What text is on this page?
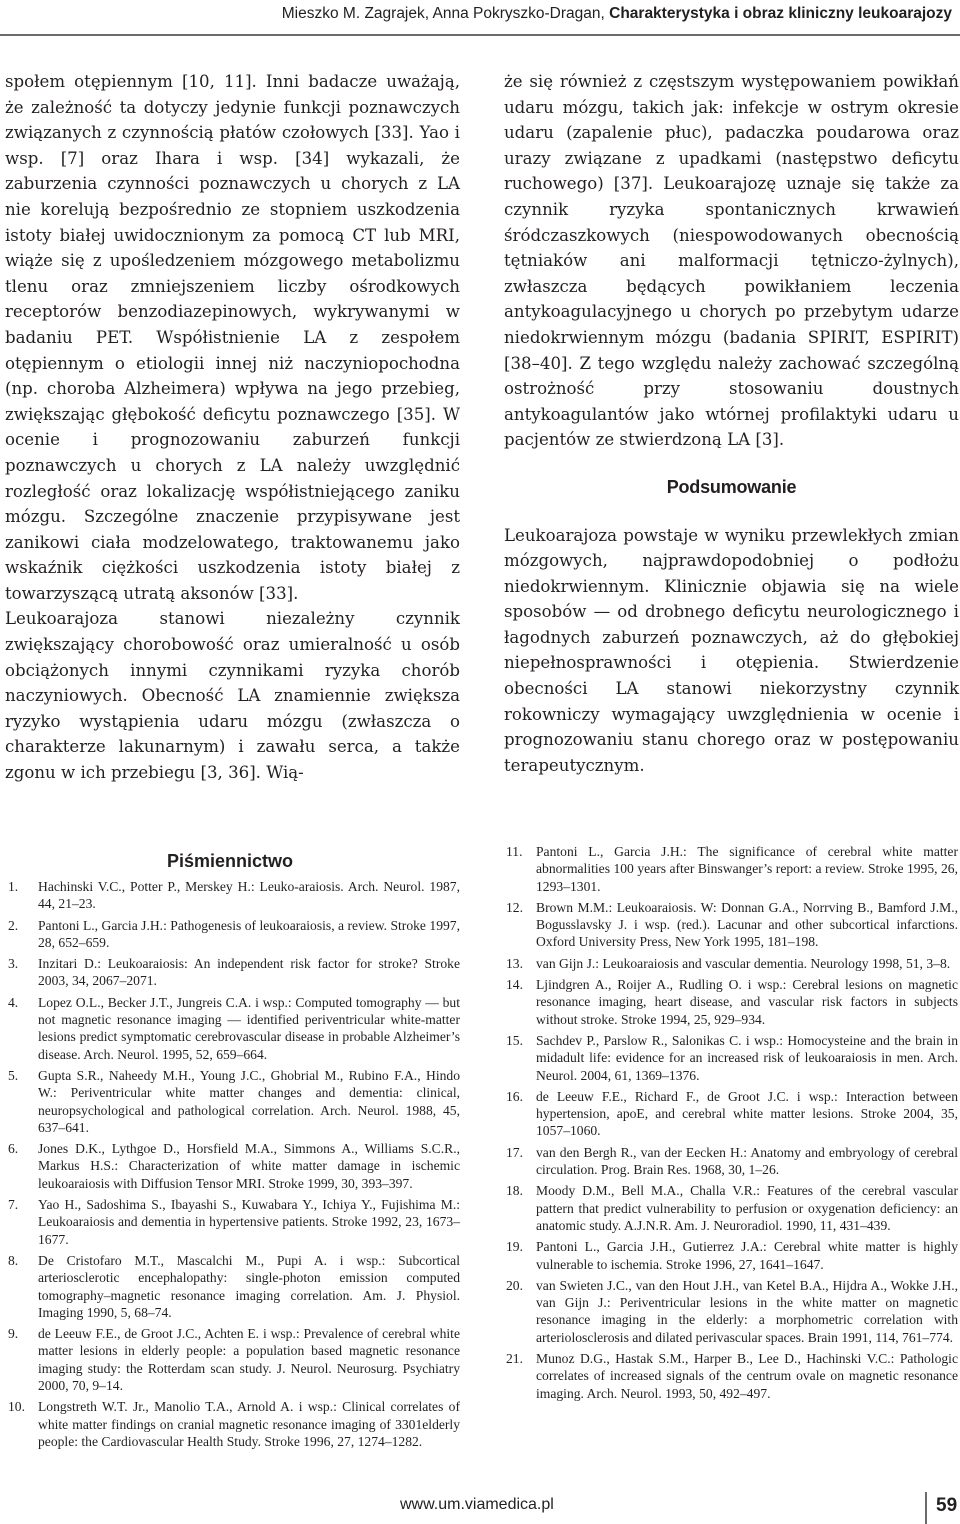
Mieszko M. Zagrajek, Anna Pokryszko-Dragan, Charakterystyka i obraz kliniczny leukoarajozy

społem otępiennym [10, 11]. Inni badacze uważają, że zależność ta dotyczy jedynie funkcji poznawczych związanych z czynnością płatów czołowych [33]. Yao i wsp. [7] oraz Ihara i wsp. [34] wykazali, że zaburzenia czynności poznawczych u chorych z LA nie korelują bezpośrednio ze stopniem uszkodzenia istoty białej uwidocznionym za pomocą CT lub MRI, wiąże się z upośledzeniem mózgowego metabolizmu tlenu oraz zmniejszeniem liczby ośrodkowych receptorów benzodiazepinowych, wykrywanymi w badaniu PET. Współistnienie LA z zespołem otępiennym o etiologii innej niż naczyniopochodna (np. choroba Alzheimera) wpływa na jego przebieg, zwiększając głębokość deficytu poznawczego [35]. W ocenie i prognozowaniu zaburzeń funkcji poznawczych u chorych z LA należy uwzględnić rozległość oraz lokalizację współistniejącego zaniku mózgu. Szczególne znaczenie przypisywane jest zanikowi ciała modzelowatego, traktowanemu jako wskaźnik ciężkości uszkodzenia istoty białej z towarzyszącą utratą aksonów [33].

Leukoarajoza stanowi niezależny czynnik zwiększający chorobowość oraz umieralność u osób obciążonych innymi czynnikami ryzyka chorób naczyniowych. Obecność LA znamiennie zwiększa ryzyko wystąpienia udaru mózgu (zwłaszcza o charakterze lakunarnym) i zawału serca, a także zgonu w ich przebiegu [3, 36]. Wią-

że się również z częstszym występowaniem powikłań udaru mózgu, takich jak: infekcje w ostrym okresie udaru (zapalenie płuc), padaczka poudarowa oraz urazy związane z upadkami (następstwo deficytu ruchowego) [37]. Leukoarajozę uznaje się także za czynnik ryzyka spontanicznych krwawień śródczaszkowych (niespowodowanych obecnością tętniaków ani malformacji tętniczo-żylnych), zwłaszcza będących powikłaniem leczenia antykoagulacyjnego u chorych po przebytym udarze niedokrwiennym mózgu (badania SPIRIT, ESPIRIT) [38–40]. Z tego względu należy zachować szczególną ostrożność przy stosowaniu doustnych antykoagulantów jako wtórnej profilaktyki udaru u pacjentów ze stwierdzoną LA [3].

Podsumowanie

Leukoarajoza powstaje w wyniku przewlekłych zmian mózgowych, najprawdopodobniej o podłożu niedokrwiennym. Klinicznie objawia się na wiele sposobów — od drobnego deficytu neurologicznego i łagodnych zaburzeń poznawczych, aż do głębokiej niepełnosprawności i otępienia. Stwierdzenie obecności LA stanowi niekorzystny czynnik rokowniczy wymagający uwzględnienia w ocenie i prognozowaniu stanu chorego oraz w postępowaniu terapeutycznym.

Piśmiennictwo
1.	Hachinski V.C., Potter P., Merskey H.: Leuko-araiosis. Arch. Neurol. 1987, 44, 21–23.
2.	Pantoni L., Garcia J.H.: Pathogenesis of leukoaraiosis, a review. Stroke 1997, 28, 652–659.
3.	Inzitari D.: Leukoaraiosis: An independent risk factor for stroke? Stroke 2003, 34, 2067–2071.
4.	Lopez O.L., Becker J.T., Jungreis C.A. i wsp.: Computed tomography — but not magnetic resonance imaging — identified periventricular white-matter lesions predict symptomatic cerebrovascular disease in probable Alzheimer’s disease. Arch. Neurol. 1995, 52, 659–664.
5.	Gupta S.R., Naheedy M.H., Young J.C., Ghobrial M., Rubino F.A., Hindo W.: Periventricular white matter changes and dementia: clinical, neuropsychological and pathological correlation. Arch. Neurol. 1988, 45, 637–641.
6.	Jones D.K., Lythgoe D., Horsfield M.A., Simmons A., Williams S.C.R., Markus H.S.: Characterization of white matter damage in ischemic leukoaraiosis with Diffusion Tensor MRI. Stroke 1999, 30, 393–397.
7.	Yao H., Sadoshima S., Ibayashi S., Kuwabara Y., Ichiya Y., Fujishima M.: Leukoaraiosis and dementia in hypertensive patients. Stroke 1992, 23, 1673–1677.
8.	De Cristofaro M.T., Mascalchi M., Pupi A. i wsp.: Subcortical arteriosclerotic encephalopathy: single-photon emission computed tomography–magnetic resonance imaging correlation. Am. J. Physiol. Imaging 1990, 5, 68–74.
9.	de Leeuw F.E., de Groot J.C., Achten E. i wsp.: Prevalence of cerebral white matter lesions in elderly people: a population based magnetic resonance imaging study: the Rotterdam scan study. J. Neurol. Neurosurg. Psychiatry 2000, 70, 9–14.
10. Longstreth W.T. Jr., Manolio T.A., Arnold A. i wsp.: Clinical correlates of white matter findings on cranial magnetic resonance imaging of 3301elderly people: the Cardiovascular Health Study. Stroke 1996, 27, 1274–1282.
11. Pantoni L., Garcia J.H.: The significance of cerebral white matter abnormalities 100 years after Binswanger’s report: a review. Stroke 1995, 26, 1293–1301.
12. Brown M.M.: Leukoaraiosis. W: Donnan G.A., Norrving B., Bamford J.M., Bogusslavsky J. i wsp. (red.). Lacunar and other subcortical infarctions. Oxford University Press, New York 1995, 181–198.
13. van Gijn J.: Leukoaraiosis and vascular dementia. Neurology 1998, 51, 3–8.
14. Ljindgren A., Roijer A., Rudling O. i wsp.: Cerebral lesions on magnetic resonance imaging, heart disease, and vascular risk factors in subjects without stroke. Stroke 1994, 25, 929–934.
15. Sachdev P., Parslow R., Salonikas C. i wsp.: Homocysteine and the brain in midadult life: evidence for an increased risk of leukoaraiosis in men. Arch. Neurol. 2004, 61, 1369–1376.
16. de Leeuw F.E., Richard F., de Groot J.C. i wsp.: Interaction between hypertension, apoE, and cerebral white matter lesions. Stroke 2004, 35, 1057–1060.
17. van den Bergh R., van der Eecken H.: Anatomy and embryology of cerebral circulation. Prog. Brain Res. 1968, 30, 1–26.
18. Moody D.M., Bell M.A., Challa V.R.: Features of the cerebral vascular pattern that predict vulnerability to perfusion or oxygenation deficiency: an anatomic study. A.J.N.R. Am. J. Neuroradiol. 1990, 11, 431–439.
19. Pantoni L., Garcia J.H., Gutierrez J.A.: Cerebral white matter is highly vulnerable to ischemia. Stroke 1996, 27, 1641–1647.
20. van Swieten J.C., van den Hout J.H., van Ketel B.A., Hijdra A., Wokke J.H., van Gijn J.: Periventricular lesions in the white matter on magnetic resonance imaging in the elderly: a morphometric correlation with arteriolosclerosis and dilated perivascular spaces. Brain 1991, 114, 761–774.
21. Munoz D.G., Hastak S.M., Harper B., Lee D., Hachinski V.C.: Pathologic correlates of increased signals of the centrum ovale on magnetic resonance imaging. Arch. Neurol. 1993, 50, 492–497.
www.um.viamedica.pl	59
